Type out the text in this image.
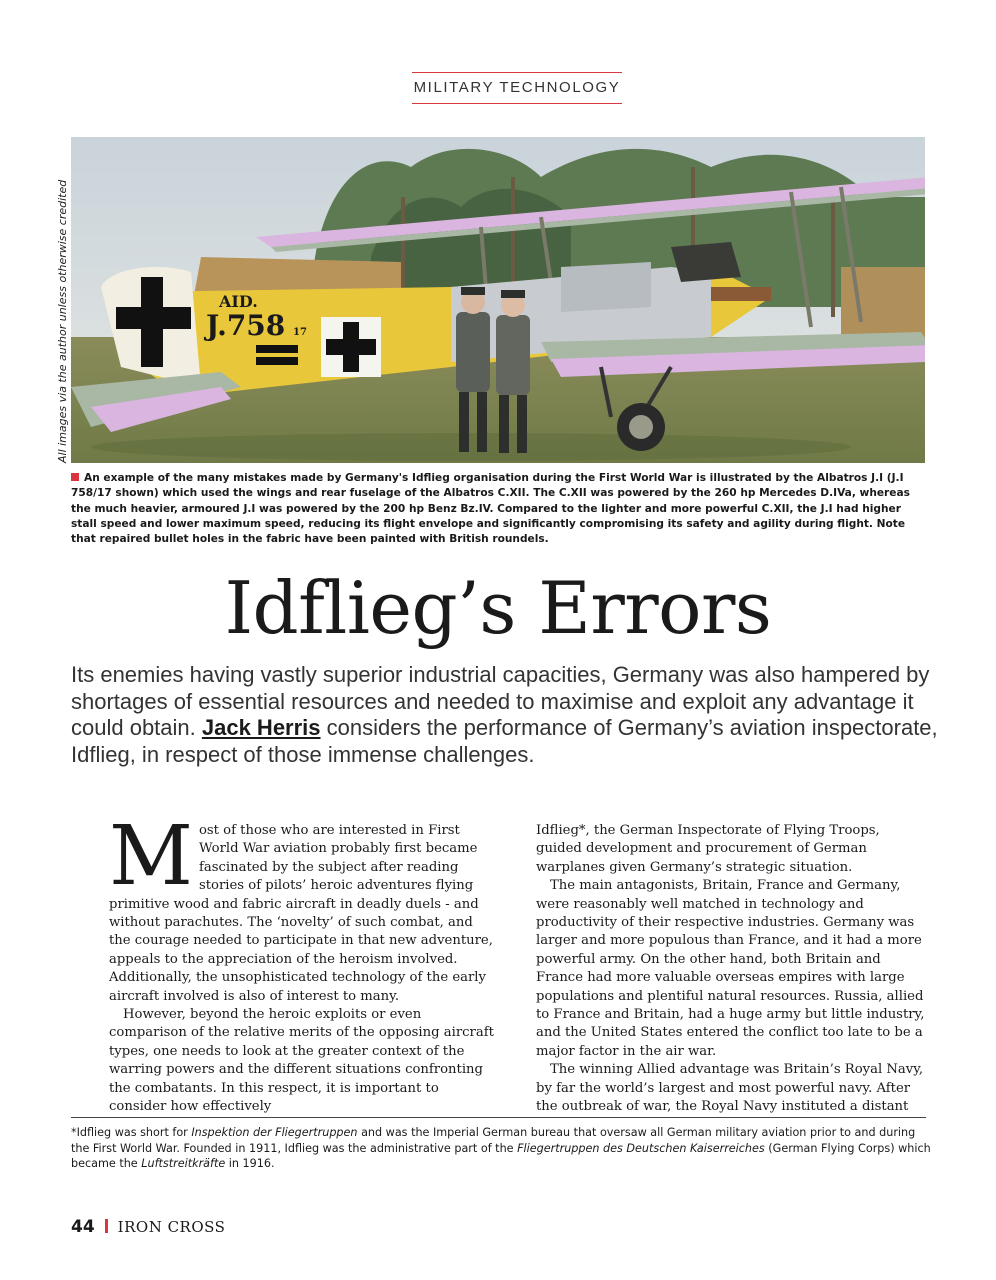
MILITARY TECHNOLOGY
All images via the author unless otherwise credited	AID.
J.758 17

An example of the many mistakes made by Germany's Idflieg organisation during the First World War is illustrated by the Albatros J.I (J.I 758/17 shown) which used the wings and rear fuselage of the Albatros C.XII. The C.XII was powered by the 260 hp Mercedes D.IVa, whereas the much heavier, armoured J.I was powered by the 200 hp Benz Bz.IV. Compared to the lighter and more powerful C.XII, the J.I had higher stall speed and lower maximum speed, reducing its flight envelope and significantly compromising its safety and agility during flight. Note that repaired bullet holes in the fabric have been painted with British roundels.

Idflieg’s Errors

Its enemies having vastly superior industrial capacities, Germany was also hampered by shortages of essential resources and needed to maximise and exploit any advantage it could obtain. Jack Herris considers the performance of Germany’s aviation inspectorate, Idflieg, in respect of those immense challenges.

Most of those who are interested in First World War aviation probably first became fascinated by the subject after reading stories of pilots’ heroic adventures flying primitive wood and fabric aircraft in deadly duels - and without parachutes. The ‘novelty’ of such combat, and the courage needed to participate in that new adventure, appeals to the appreciation of the heroism involved. Additionally, the unsophisticated technology of the early aircraft involved is also of interest to many.

However, beyond the heroic exploits or even comparison of the relative merits of the opposing aircraft types, one needs to look at the greater context of the warring powers and the different situations confronting the combatants. In this respect, it is important to consider how effectively

Idflieg*, the German Inspectorate of Flying Troops, guided development and procurement of German warplanes given Germany’s strategic situation.

The main antagonists, Britain, France and Germany, were reasonably well matched in technology and productivity of their respective industries. Germany was larger and more populous than France, and it had a more powerful army. On the other hand, both Britain and France had more valuable overseas empires with large populations and plentiful natural resources. Russia, allied to France and Britain, had a huge army but little industry, and the United States entered the conflict too late to be a major factor in the air war.

The winning Allied advantage was Britain’s Royal Navy, by far the world’s largest and most powerful navy. After the outbreak of war, the Royal Navy instituted a distant

*Idflieg was short for Inspektion der Fliegertruppen and was the Imperial German bureau that oversaw all German military aviation prior to and during the First World War. Founded in 1911, Idflieg was the administrative part of the Fliegertruppen des Deutschen Kaiserreiches (German Flying Corps) which became the Luftstreitkräfte in 1916.

44 IRON CROSS
